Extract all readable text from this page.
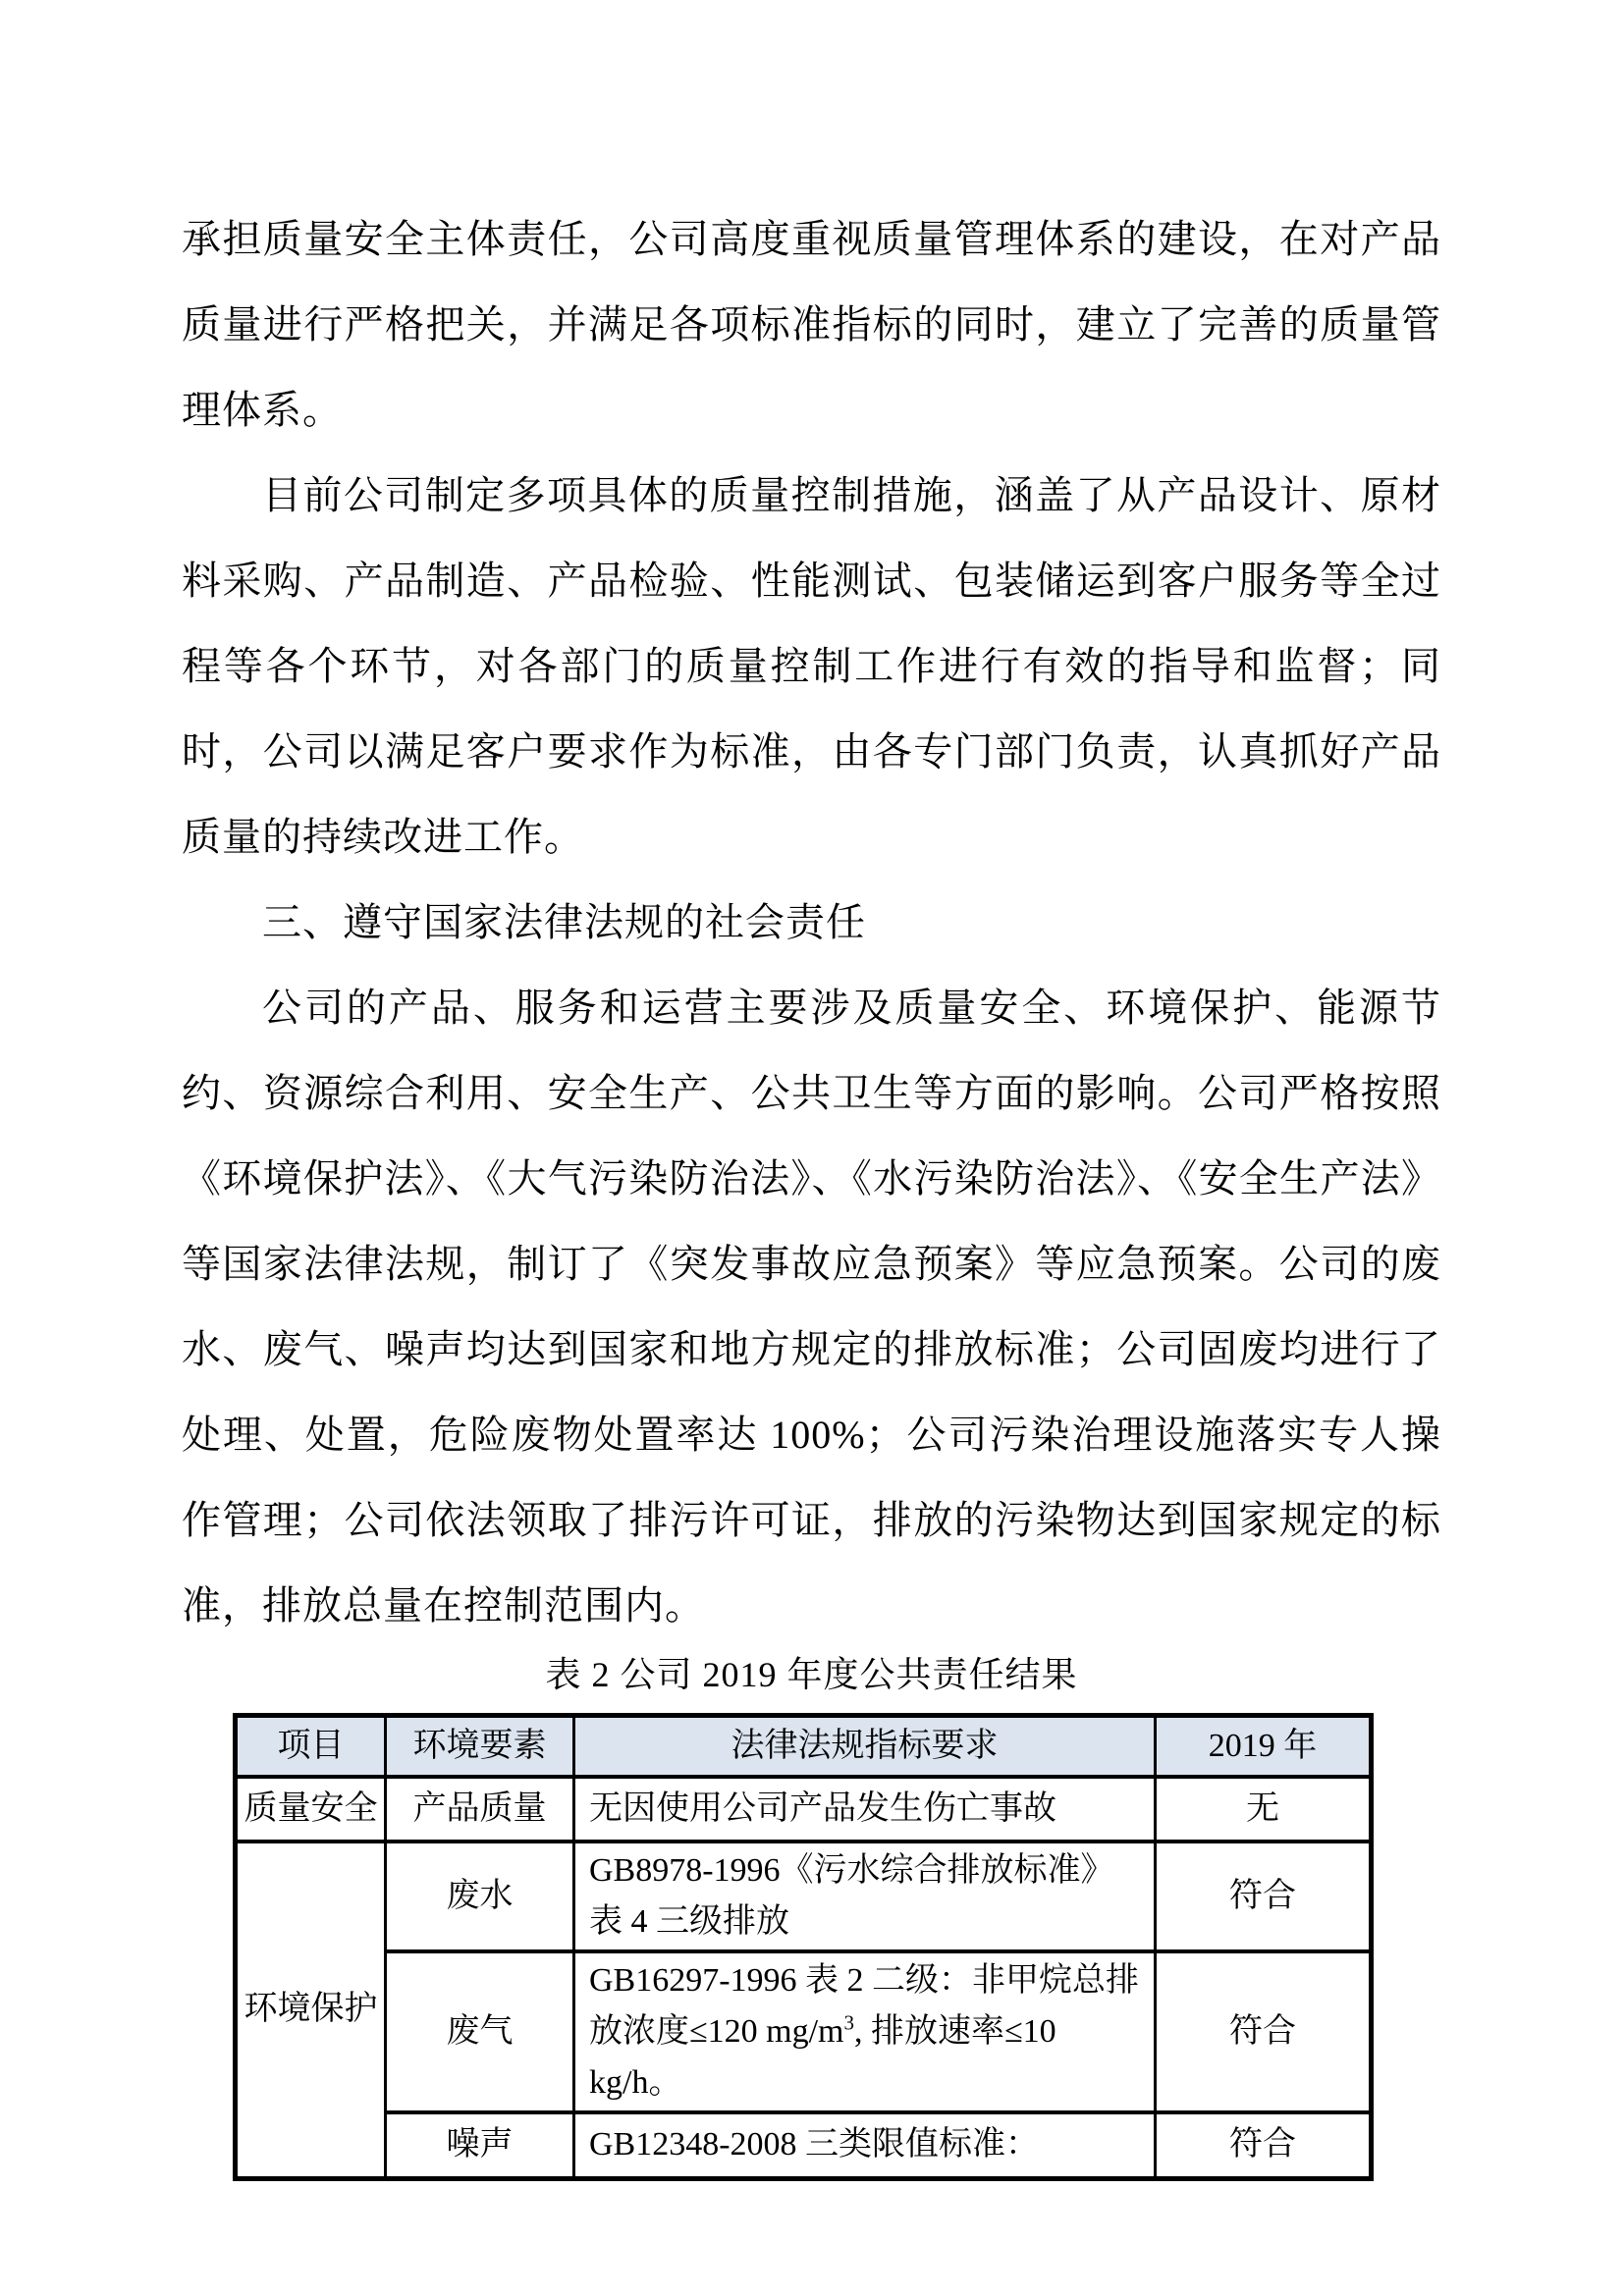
承担质量安全主体责任，公司高度重视质量管理体系的建设，在对产品质量进行严格把关，并满足各项标准指标的同时，建立了完善的质量管理体系。

目前公司制定多项具体的质量控制措施，涵盖了从产品设计、原材料采购、产品制造、产品检验、性能测试、包装储运到客户服务等全过程等各个环节，对各部门的质量控制工作进行有效的指导和监督；同时，公司以满足客户要求作为标准，由各专门部门负责，认真抓好产品质量的持续改进工作。

三、遵守国家法律法规的社会责任

公司的产品、服务和运营主要涉及质量安全、环境保护、能源节约、资源综合利用、安全生产、公共卫生等方面的影响。公司严格按照《环境保护法》、《大气污染防治法》、《水污染防治法》、《安全生产法》等国家法律法规，制订了《突发事故应急预案》等应急预案。公司的废水、废气、噪声均达到国家和地方规定的排放标准；公司固废均进行了处理、处置，危险废物处置率达 100%；公司污染治理设施落实专人操作管理；公司依法领取了排污许可证，排放的污染物达到国家规定的标准，排放总量在控制范围内。

表 2 公司 2019 年度公共责任结果
项目	环境要素	法律法规指标要求	2019 年
质量安全	产品质量	无因使用公司产品发生伤亡事故	无
环境保护	废水	GB8978-1996《污水综合排放标准》表 4 三级排放	符合
	废气	GB16297-1996 表 2 二级：非甲烷总排放浓度≤120 $mg/m^3$, 排放速率≤10 kg/h。	符合
	噪声	GB12348-2008 三类限值标准：	符合
